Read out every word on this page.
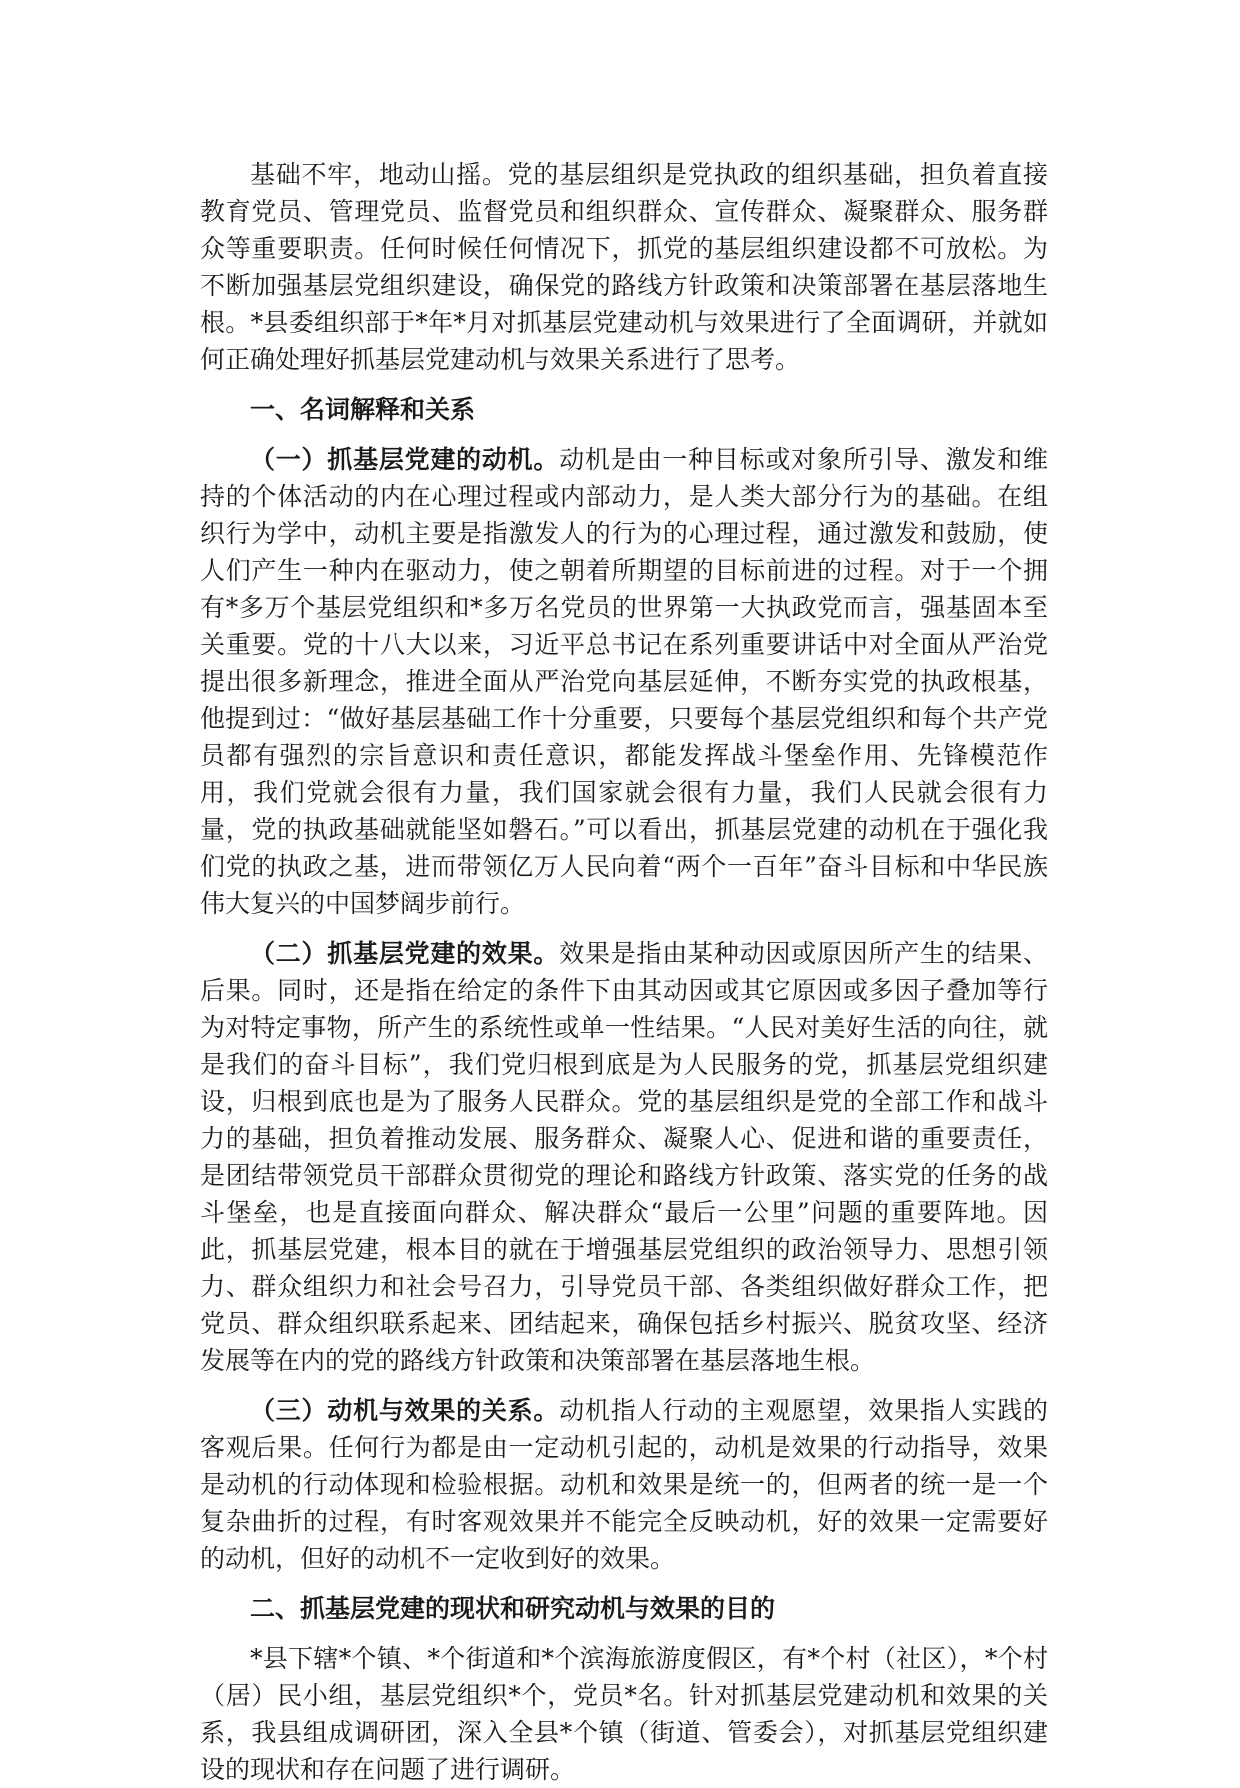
基础不牢，地动山摇。党的基层组织是党执政的组织基础，担负着直接教育党员、管理党员、监督党员和组织群众、宣传群众、凝聚群众、服务群众等重要职责。任何时候任何情况下，抓党的基层组织建设都不可放松。为不断加强基层党组织建设，确保党的路线方针政策和决策部署在基层落地生根。*县委组织部于*年*月对抓基层党建动机与效果进行了全面调研，并就如何正确处理好抓基层党建动机与效果关系进行了思考。

一、名词解释和关系

（一）抓基层党建的动机。动机是由一种目标或对象所引导、激发和维持的个体活动的内在心理过程或内部动力，是人类大部分行为的基础。在组织行为学中，动机主要是指激发人的行为的心理过程，通过激发和鼓励，使人们产生一种内在驱动力，使之朝着所期望的目标前进的过程。对于一个拥有*多万个基层党组织和*多万名党员的世界第一大执政党而言，强基固本至关重要。党的十八大以来，习近平总书记在系列重要讲话中对全面从严治党提出很多新理念，推进全面从严治党向基层延伸，不断夯实党的执政根基，他提到过：“做好基层基础工作十分重要，只要每个基层党组织和每个共产党员都有强烈的宗旨意识和责任意识，都能发挥战斗堡垒作用、先锋模范作用，我们党就会很有力量，我们国家就会很有力量，我们人民就会很有力量，党的执政基础就能坚如磐石。”可以看出，抓基层党建的动机在于强化我们党的执政之基，进而带领亿万人民向着“两个一百年”奋斗目标和中华民族伟大复兴的中国梦阔步前行。

（二）抓基层党建的效果。效果是指由某种动因或原因所产生的结果、后果。同时，还是指在给定的条件下由其动因或其它原因或多因子叠加等行为对特定事物，所产生的系统性或单一性结果。“人民对美好生活的向往，就是我们的奋斗目标”，我们党归根到底是为人民服务的党，抓基层党组织建设，归根到底也是为了服务人民群众。党的基层组织是党的全部工作和战斗力的基础，担负着推动发展、服务群众、凝聚人心、促进和谐的重要责任，是团结带领党员干部群众贯彻党的理论和路线方针政策、落实党的任务的战斗堡垒，也是直接面向群众、解决群众“最后一公里”问题的重要阵地。因此，抓基层党建，根本目的就在于增强基层党组织的政治领导力、思想引领力、群众组织力和社会号召力，引导党员干部、各类组织做好群众工作，把党员、群众组织联系起来、团结起来，确保包括乡村振兴、脱贫攻坚、经济发展等在内的党的路线方针政策和决策部署在基层落地生根。

（三）动机与效果的关系。动机指人行动的主观愿望，效果指人实践的客观后果。任何行为都是由一定动机引起的，动机是效果的行动指导，效果是动机的行动体现和检验根据。动机和效果是统一的，但两者的统一是一个复杂曲折的过程，有时客观效果并不能完全反映动机，好的效果一定需要好的动机，但好的动机不一定收到好的效果。

二、抓基层党建的现状和研究动机与效果的目的

*县下辖*个镇、*个街道和*个滨海旅游度假区，有*个村（社区），*个村（居）民小组，基层党组织*个，党员*名。针对抓基层党建动机和效果的关系，我县组成调研团，深入全县*个镇（街道、管委会），对抓基层党组织建设的现状和存在问题了进行调研。
